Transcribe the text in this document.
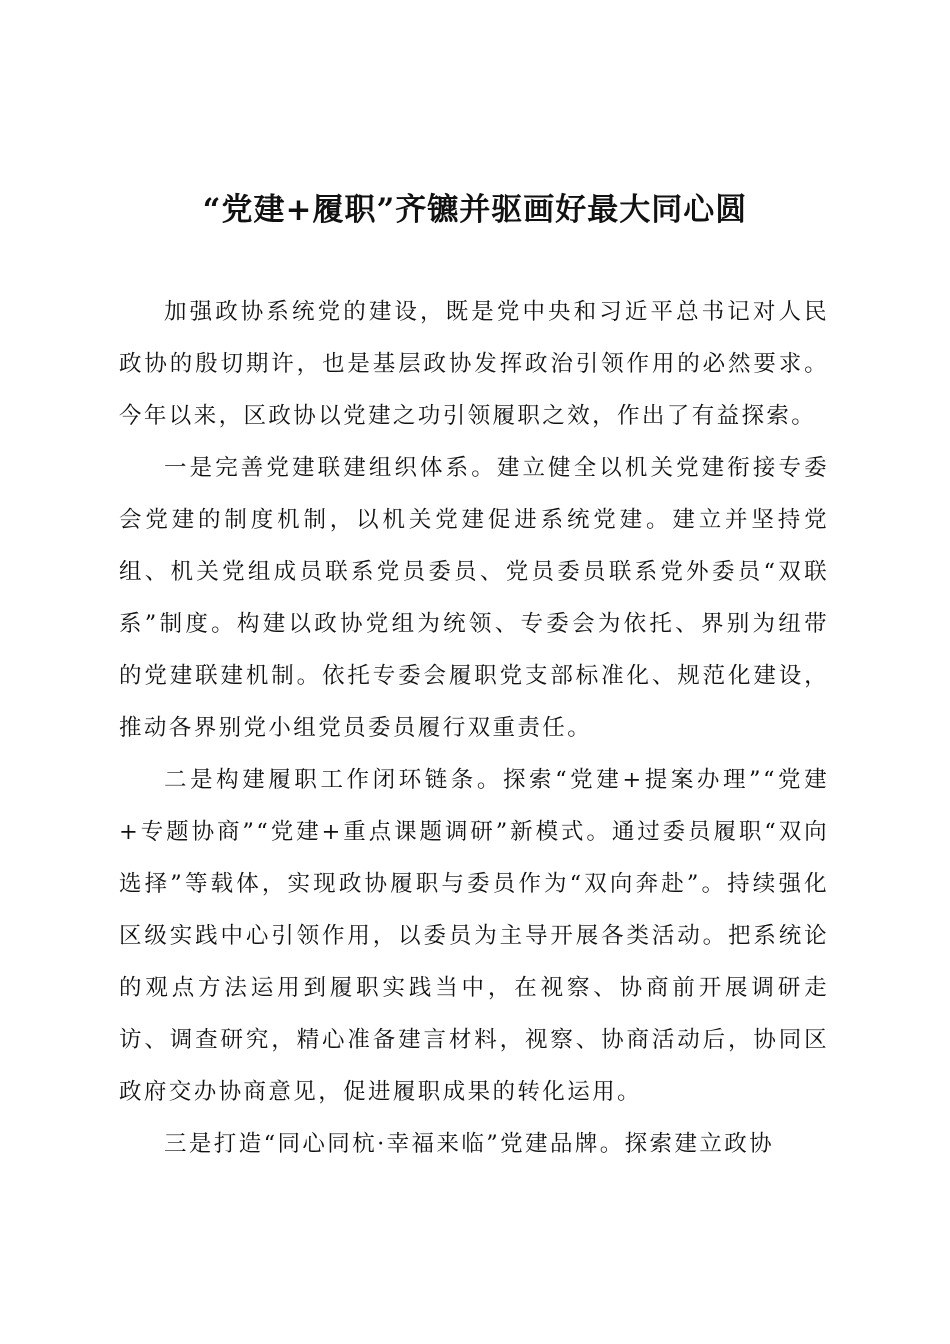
“党建+履职”齐镳并驱画好最大同心圆

加强政协系统党的建设，既是党中央和习近平总书记对人民政协的殷切期许，也是基层政协发挥政治引领作用的必然要求。今年以来，区政协以党建之功引领履职之效，作出了有益探索。

一是完善党建联建组织体系。建立健全以机关党建衔接专委会党建的制度机制，以机关党建促进系统党建。建立并坚持党组、机关党组成员联系党员委员、党员委员联系党外委员“双联系”制度。构建以政协党组为统领、专委会为依托、界别为纽带的党建联建机制。依托专委会履职党支部标准化、规范化建设，推动各界别党小组党员委员履行双重责任。

二是构建履职工作闭环链条。探索“党建+提案办理”“党建+专题协商”“党建+重点课题调研”新模式。通过委员履职“双向选择”等载体，实现政协履职与委员作为“双向奔赴”。持续强化区级实践中心引领作用，以委员为主导开展各类活动。把系统论的观点方法运用到履职实践当中，在视察、协商前开展调研走访、调查研究，精心准备建言材料，视察、协商活动后，协同区政府交办协商意见，促进履职成果的转化运用。

三是打造“同心同杭·幸福来临”党建品牌。探索建立政协
